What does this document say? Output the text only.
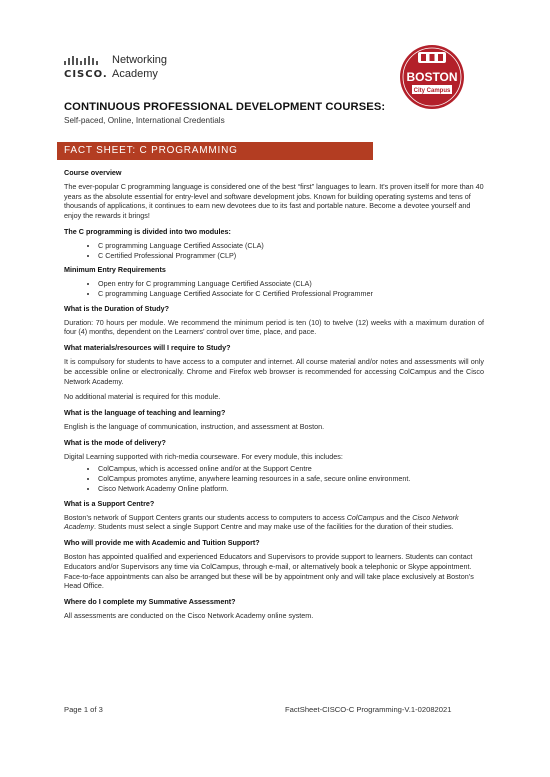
CISCO.
Networking
Academy	BOSTON
City Campus
CONTINUOUS PROFESSIONAL DEVELOPMENT COURSES:
Self-paced, Online, International Credentials
FACT SHEET: C PROGRAMMING
Course overview
The ever-popular C programming language is considered one of the best “first” languages to learn. It's proven itself for more than 40 years as the absolute essential for entry-level and software development jobs. Known for building operating systems and tens of thousands of applications, it continues to earn new devotees due to its fast and portable nature. Become a devotee yourself and enjoy the rewards it brings!
The C programming is divided into two modules:
• C programming Language Certified Associate (CLA)
• C Certified Professional Programmer (CLP)
Minimum Entry Requirements
• Open entry for C programming Language Certified Associate (CLA)
• C programming Language Certified Associate for C Certified Professional Programmer
What is the Duration of Study?
Duration: 70 hours per module. We recommend the minimum period is ten (10) to twelve (12) weeks with a maximum duration of four (4) months, dependent on the Learners’ control over time, place, and pace.
What materials/resources will I require to Study?
It is compulsory for students to have access to a computer and internet. All course material and/or notes and assessments will only be accessible online or electronically. Chrome and Firefox web browser is recommended for accessing ColCampus and the Cisco Network Academy.
No additional material is required for this module.
What is the language of teaching and learning?
English is the language of communication, instruction, and assessment at Boston.
What is the mode of delivery?
Digital Learning supported with rich-media courseware. For every module, this includes:
• ColCampus, which is accessed online and/or at the Support Centre
• ColCampus promotes anytime, anywhere learning resources in a safe, secure online environment.
• Cisco Network Academy Online platform.
What is a Support Centre?
Boston’s network of Support Centers grants our students access to computers to access ColCampus and the Cisco Network Academy. Students must select a single Support Centre and may make use of the facilities for the duration of their studies.
Who will provide me with Academic and Tuition Support?
Boston has appointed qualified and experienced Educators and Supervisors to provide support to learners. Students can contact Educators and/or Supervisors any time via ColCampus, through e-mail, or alternatively book a telephonic or Skype appointment. Face-to-face appointments can also be arranged but these will be by appointment only and will take place exclusively at Boston’s Head Office.
Where do I complete my Summative Assessment?
All assessments are conducted on the Cisco Network Academy online system.
Page 1 of 3	FactSheet-CISCO-C Programming-V.1-02082021
